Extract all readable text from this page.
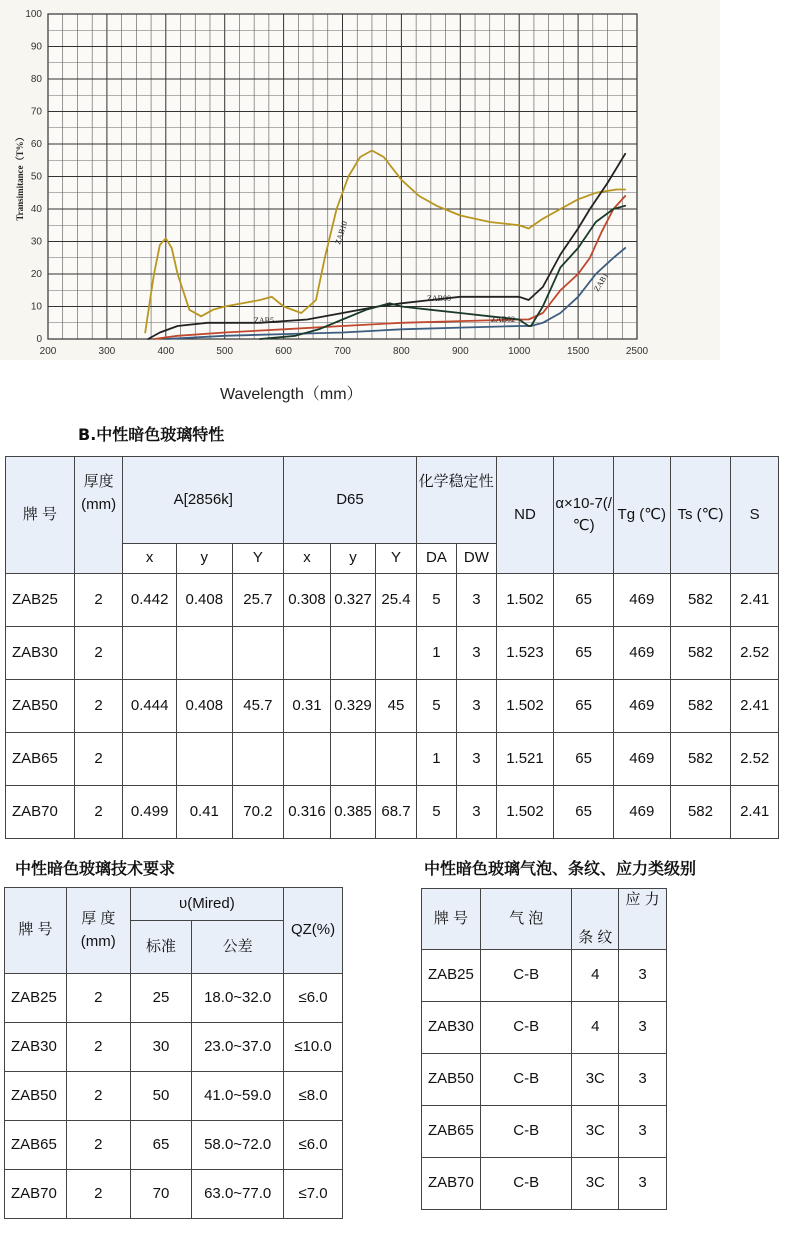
200	300	400	500	600	700	800	900	1000	1500	2500
0
10
20
30
40
50
60
70
80
90
100
Transimitance（T%）
ZAB10
ZAB5
ZAB00
ZAB02
ZAB1
Wavelength（mm）
B.中性暗色玻璃特性
牌 号	厚度(mm)	A[2856k]			D65			化学稳定性		ND	α×10-7(/℃)	Tg (℃)	Ts (℃)	S
		x	y	Y	x	y	Y	DA	DW					
ZAB25	2	0.442	0.408	25.7	0.308	0.327	25.4	5	3	1.502	65	469	582	2.41
ZAB30	2							1	3	1.523	65	469	582	2.52
ZAB50	2	0.444	0.408	45.7	0.31	0.329	45	5	3	1.502	65	469	582	2.41
ZAB65	2							1	3	1.521	65	469	582	2.52
ZAB70	2	0.499	0.41	70.2	0.316	0.385	68.7	5	3	1.502	65	469	582	2.41
中性暗色玻璃技术要求
牌 号	厚 度(mm)	υ(Mired)		QZ(%)
		标准	公差	
ZAB25	2	25	18.0~32.0	≤6.0
ZAB30	2	30	23.0~37.0	≤10.0
ZAB50	2	50	41.0~59.0	≤8.0
ZAB65	2	65	58.0~72.0	≤6.0
ZAB70	2	70	63.0~77.0	≤7.0
中性暗色玻璃气泡、条纹、应力类级别
牌 号	气 泡	条 纹	应 力
ZAB25	C-B	4	3
ZAB30	C-B	4	3
ZAB50	C-B	3C	3
ZAB65	C-B	3C	3
ZAB70	C-B	3C	3
